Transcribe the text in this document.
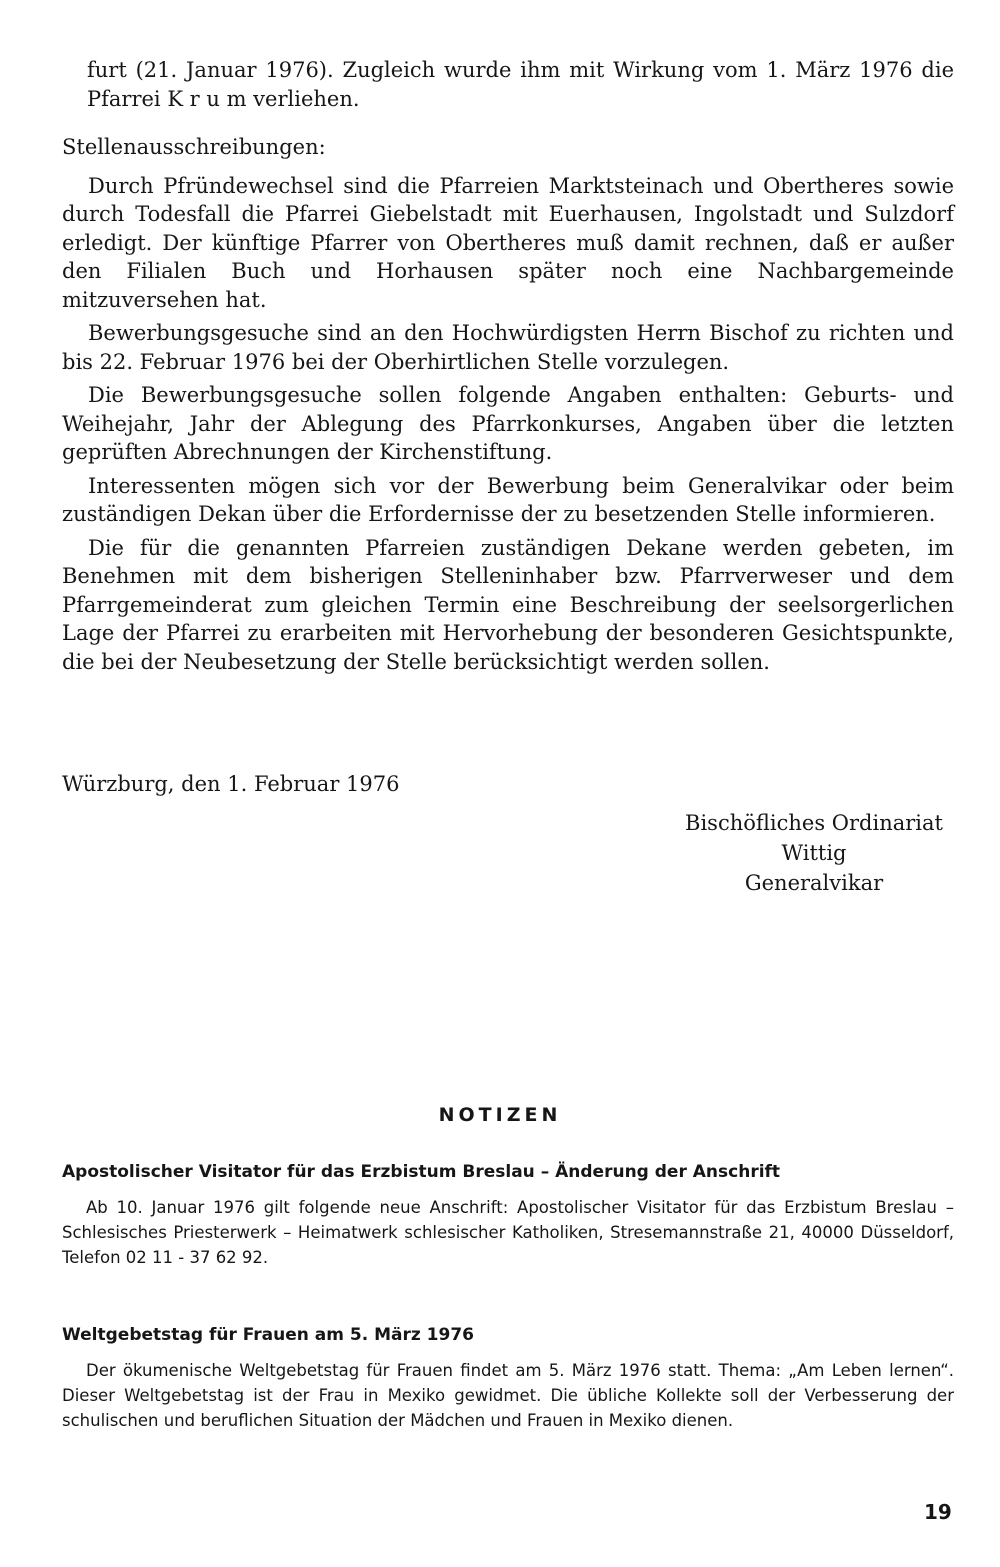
furt (21. Januar 1976). Zugleich wurde ihm mit Wirkung vom 1. März 1976 die Pfarrei K r u m verliehen.

Stellenausschreibungen:

Durch Pfründewechsel sind die Pfarreien Marktsteinach und Obertheres sowie durch Todesfall die Pfarrei Giebelstadt mit Euerhausen, Ingolstadt und Sulzdorf erledigt. Der künftige Pfarrer von Obertheres muß damit rechnen, daß er außer den Filialen Buch und Horhausen später noch eine Nachbargemeinde mitzuversehen hat.

Bewerbungsgesuche sind an den Hochwürdigsten Herrn Bischof zu richten und bis 22. Februar 1976 bei der Oberhirtlichen Stelle vorzulegen.

Die Bewerbungsgesuche sollen folgende Angaben enthalten: Geburts- und Weihejahr, Jahr der Ablegung des Pfarrkonkurses, Angaben über die letzten geprüften Abrechnungen der Kirchenstiftung.

Interessenten mögen sich vor der Bewerbung beim Generalvikar oder beim zuständigen Dekan über die Erfordernisse der zu besetzenden Stelle informieren.

Die für die genannten Pfarreien zuständigen Dekane werden gebeten, im Benehmen mit dem bisherigen Stelleninhaber bzw. Pfarrverweser und dem Pfarrgemeinderat zum gleichen Termin eine Beschreibung der seelsorgerlichen Lage der Pfarrei zu erarbeiten mit Hervorhebung der besonderen Gesichtspunkte, die bei der Neubesetzung der Stelle berücksichtigt werden sollen.

Würzburg, den 1. Februar 1976
Bischöfliches Ordinariat
Wittig
Generalvikar
NOTIZEN
Apostolischer Visitator für das Erzbistum Breslau – Änderung der Anschrift

Ab 10. Januar 1976 gilt folgende neue Anschrift: Apostolischer Visitator für das Erzbistum Breslau – Schlesisches Priesterwerk – Heimatwerk schlesischer Katholiken, Stresemannstraße 21, 40000 Düsseldorf, Telefon 02 11 - 37 62 92.

Weltgebetstag für Frauen am 5. März 1976

Der ökumenische Weltgebetstag für Frauen findet am 5. März 1976 statt. Thema: „Am Leben lernen“. Dieser Weltgebetstag ist der Frau in Mexiko gewidmet. Die übliche Kollekte soll der Verbesserung der schulischen und beruflichen Situation der Mädchen und Frauen in Mexiko dienen.

19
